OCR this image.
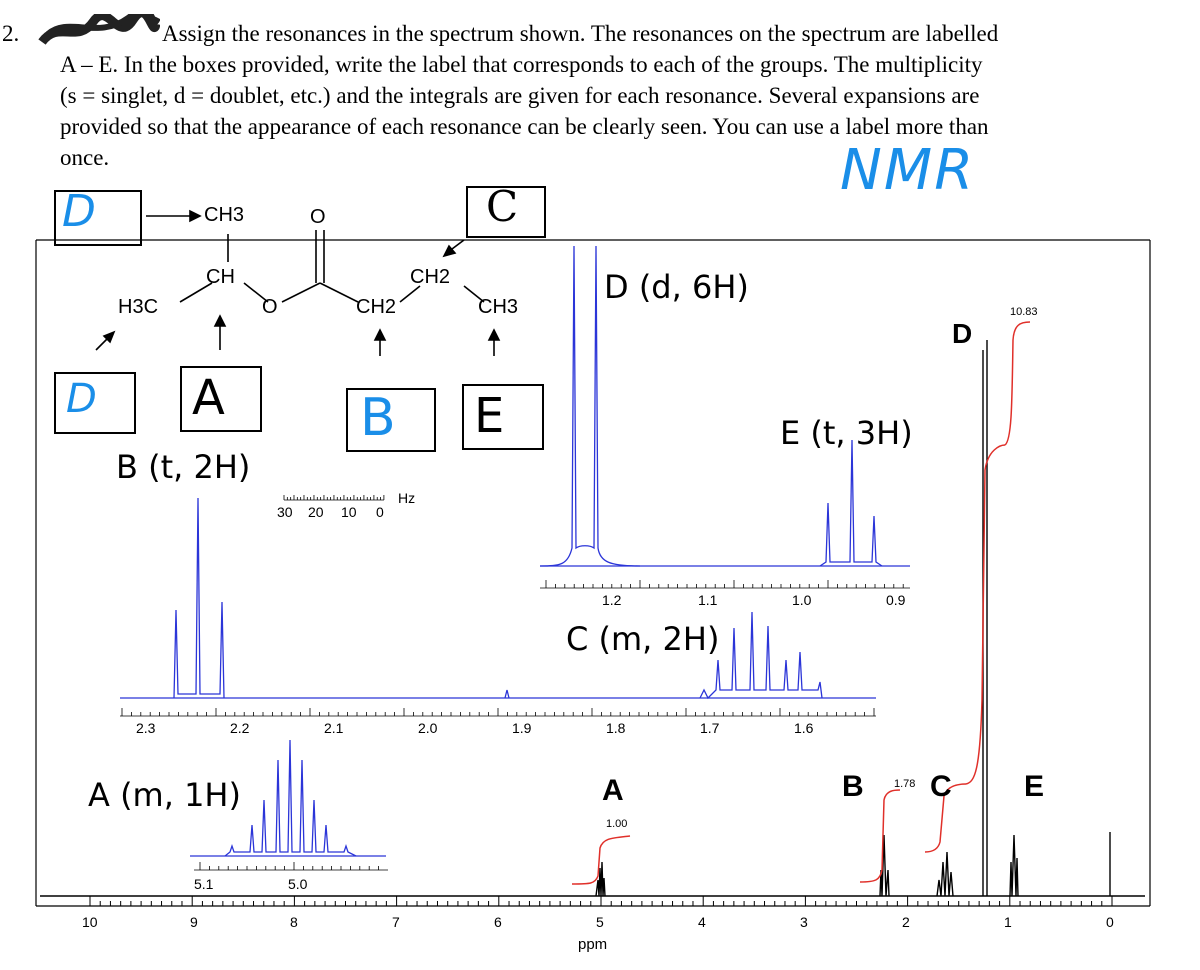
2.	Assign the resonances in the spectrum shown. The resonances on the spectrum are labelled
A – E. In the boxes provided, write the label that corresponds to each of the groups. The multiplicity
(s = singlet, d = doublet, etc.) and the integrals are given for each resonance. Several expansions are
provided so that the appearance of each resonance can be clearly seen. You can use a label more than
once.	NMR
D	C
D A	B E
CH3
CH
H3C	O
O
CH2
CH2
CH3
Hz
30 20 10 0
B (t, 2H)
D (d, 6H)
E (t, 3H)
C (m, 2H)
A (m, 1H)
1.2	1.1	1.0	0.9
2.3	2.2	2.1	2.0	1.9	1.8	1.7	1.6
5.1	5.0
10	9	8	7	6	5	4	3	2	1	0
ppm
A	B C
D
E
1.00
1.78
10.83
